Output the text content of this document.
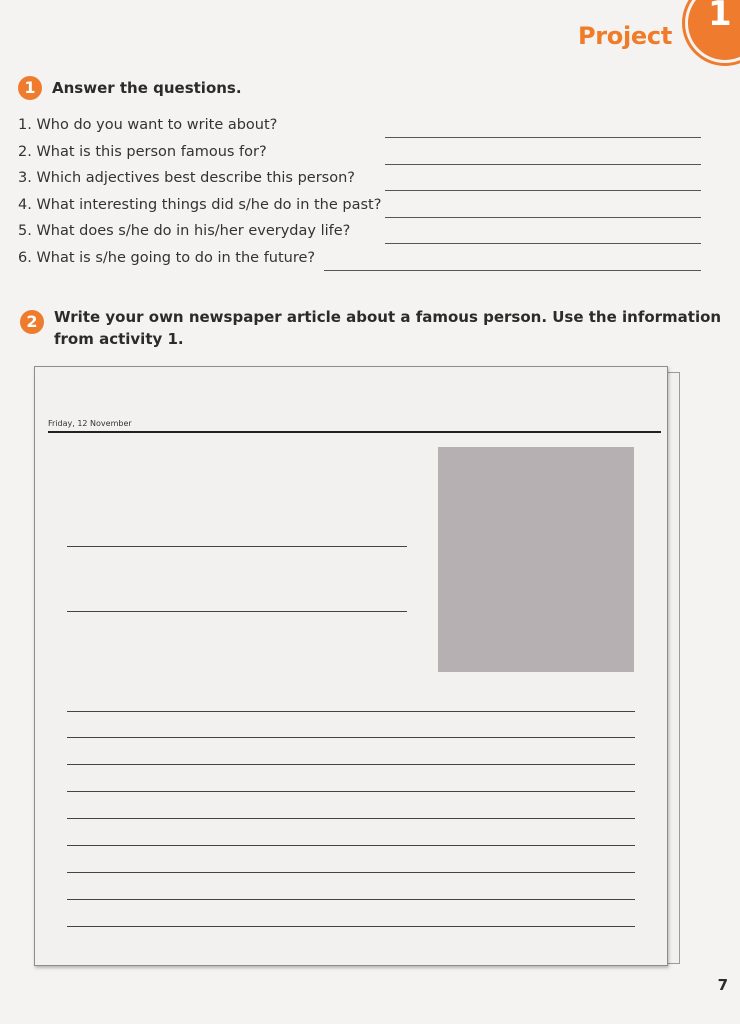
Project
1
1	Answer the questions.
1. Who do you want to write about?
2. What is this person famous for?
3. Which adjectives best describe this person?
4. What interesting things did s/he do in the past?
5. What does s/he do in his/her everyday life?
6. What is s/he going to do in the future?
2	Write your own newspaper article about a famous person. Use the information
from activity 1.
Friday, 12 November
7
